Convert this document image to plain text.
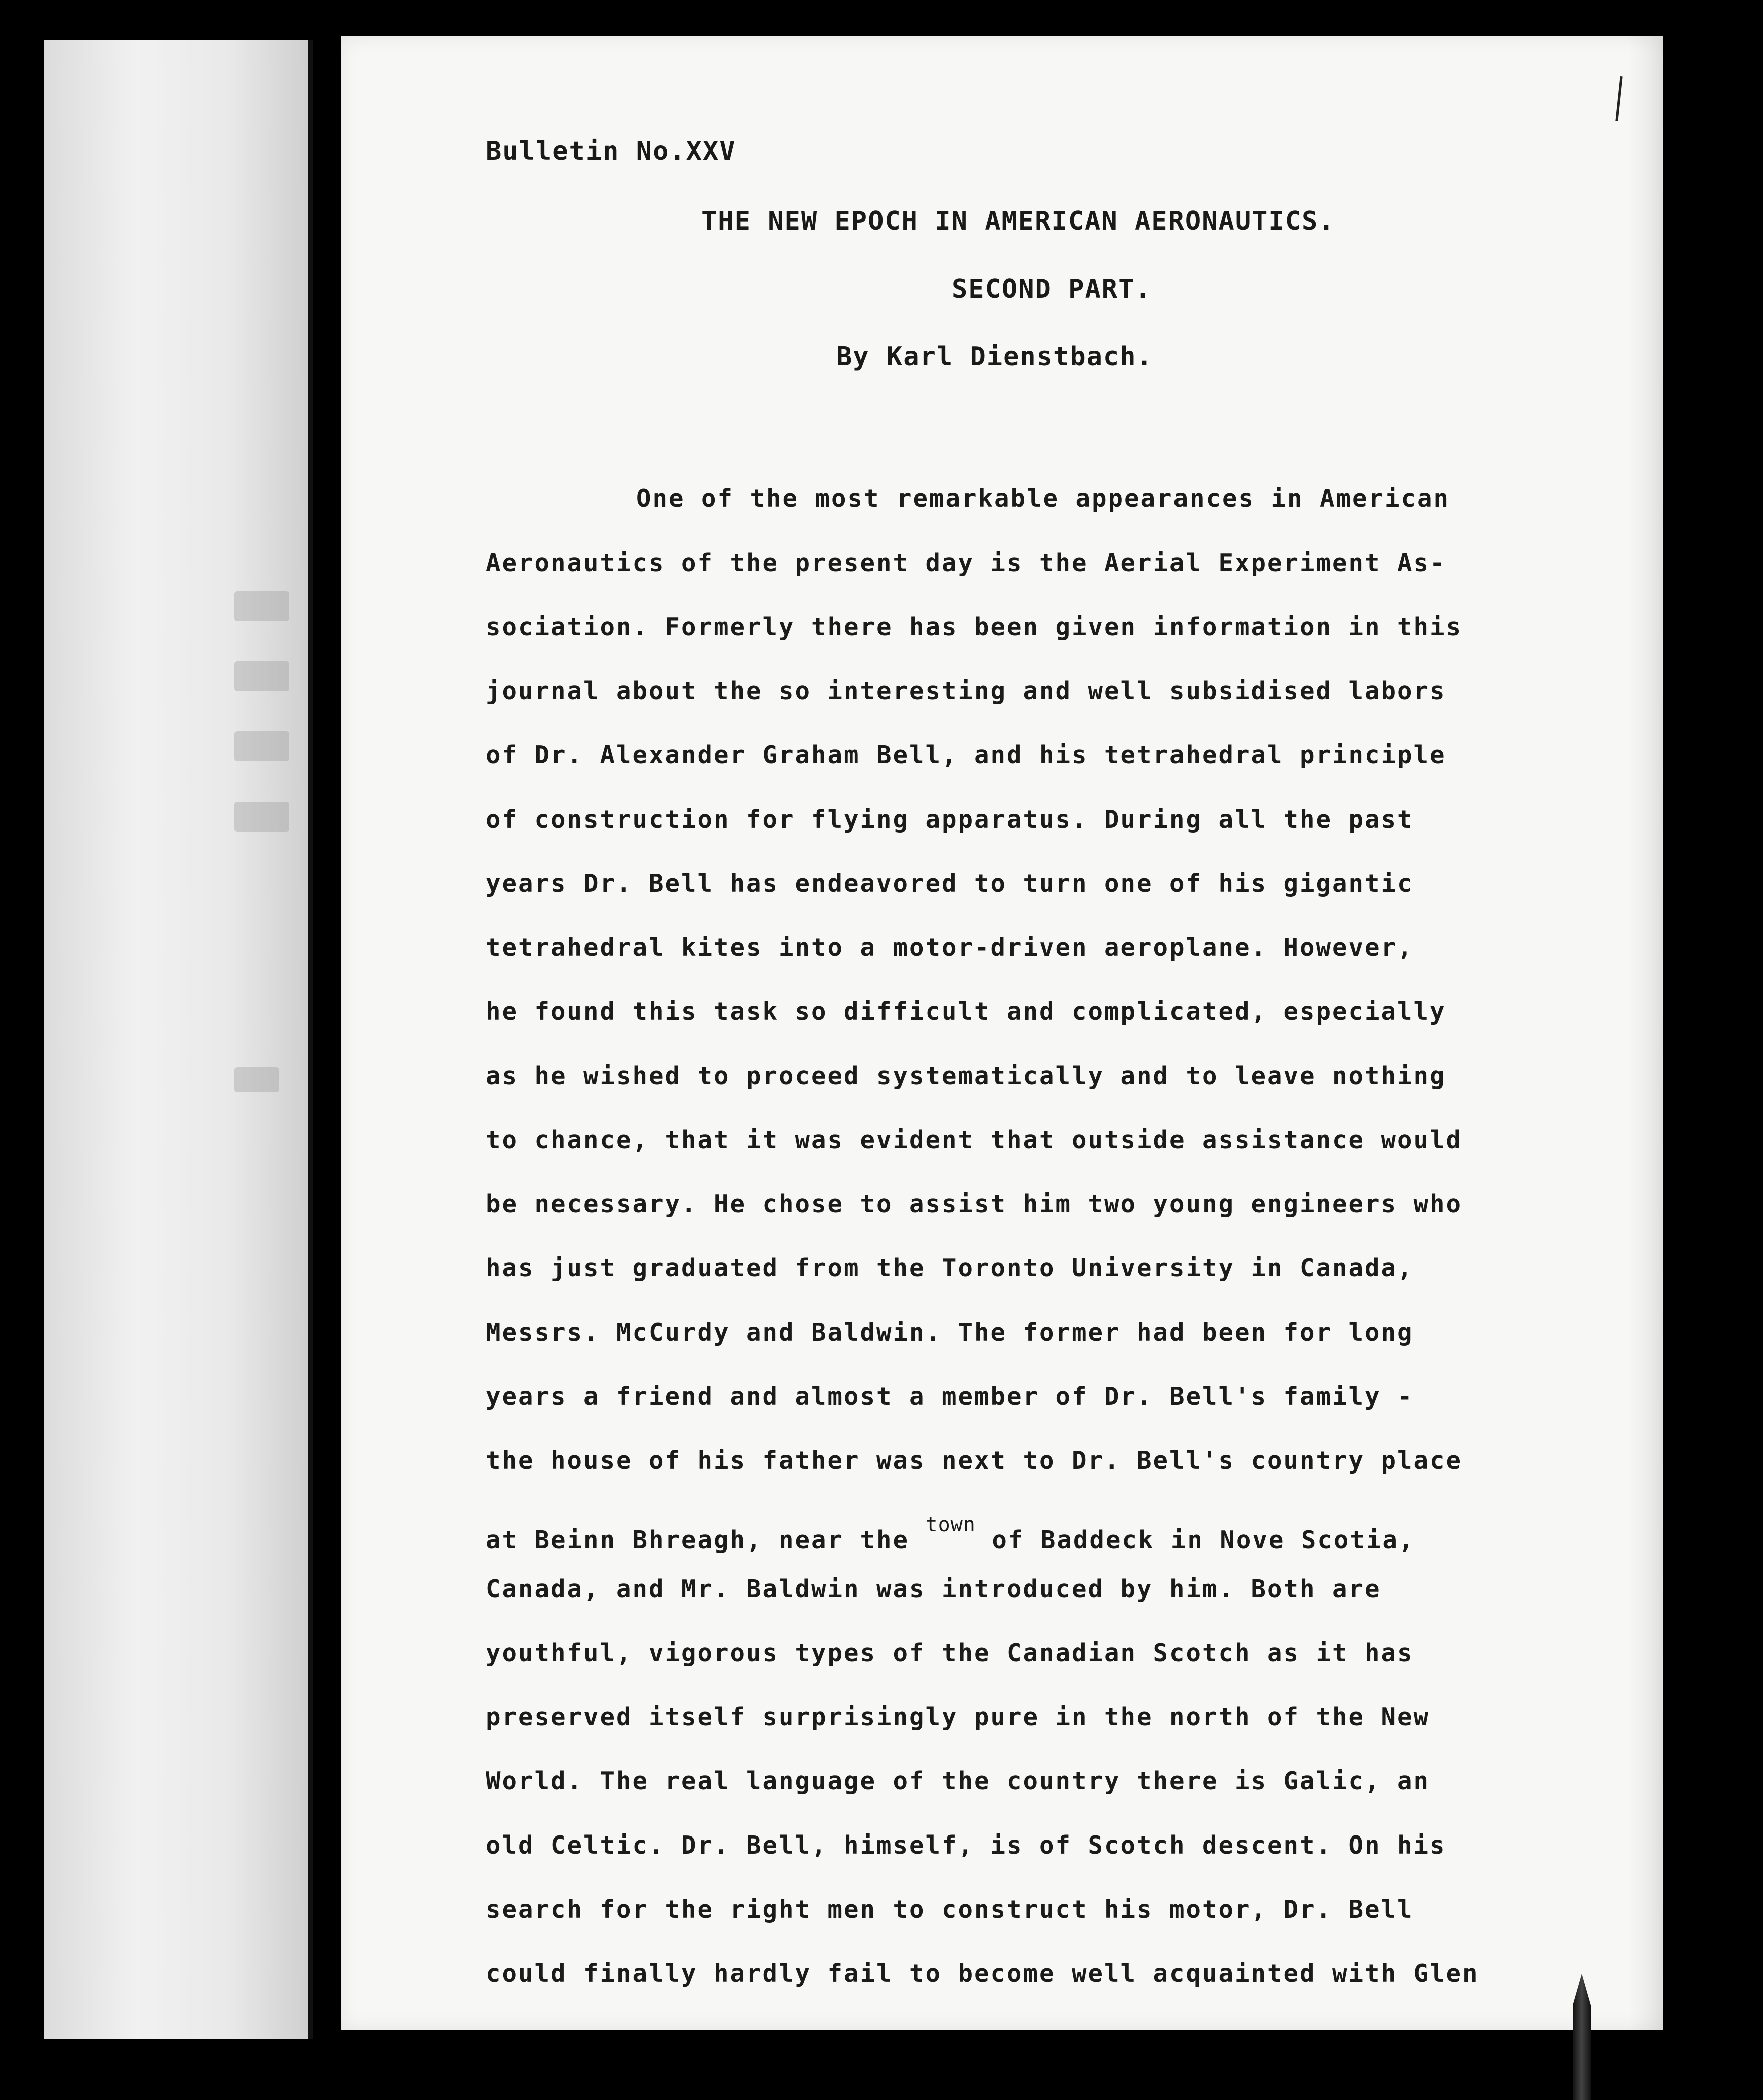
Bulletin No.XXV
THE NEW EPOCH IN AMERICAN AERONAUTICS.
SECOND PART.
By Karl Dienstbach.
One of the most remarkable appearances in American
Aeronautics of the present day is the Aerial Experiment As-
sociation. Formerly there has been given information in this
journal about the so interesting and well subsidised labors
of Dr. Alexander Graham Bell, and his tetrahedral principle
of construction for flying apparatus. During all the past
years Dr. Bell has endeavored to turn one of his gigantic
tetrahedral kites into a motor-driven aeroplane. However,
he found this task so difficult and complicated, especially
as he wished to proceed systematically and to leave nothing
to chance, that it was evident that outside assistance would
be necessary. He chose to assist him two young engineers who
has just graduated from the Toronto University in Canada,
Messrs. McCurdy and Baldwin. The former had been for long
years a friend and almost a member of Dr. Bell's family -
the house of his father was next to Dr. Bell's country place
at Beinn Bhreagh, near the $^{town}$ of Baddeck in Nove Scotia,
Canada, and Mr. Baldwin was introduced by him. Both are
youthful, vigorous types of the Canadian Scotch as it has
preserved itself surprisingly pure in the north of the New
World. The real language of the country there is Galic, an
old Celtic. Dr. Bell, himself, is of Scotch descent. On his
search for the right men to construct his motor, Dr. Bell
could finally hardly fail to become well acquainted with Glen
